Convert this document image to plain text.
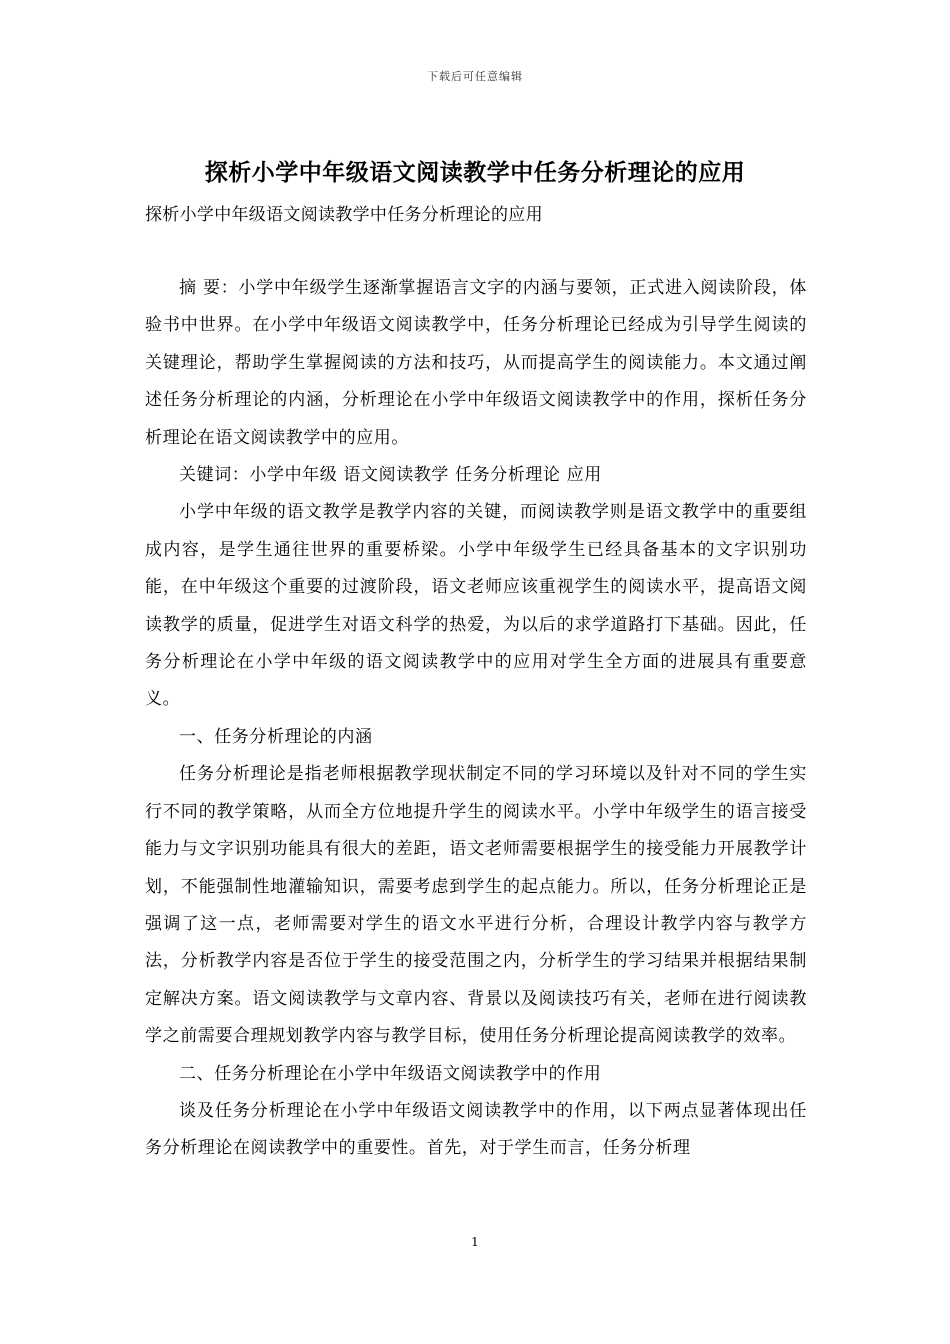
下载后可任意编辑
探析小学中年级语文阅读教学中任务分析理论的应用
探析小学中年级语文阅读教学中任务分析理论的应用

摘 要：小学中年级学生逐渐掌握语言文字的内涵与要领，正式进入阅读阶段，体验书中世界。在小学中年级语文阅读教学中，任务分析理论已经成为引导学生阅读的关键理论，帮助学生掌握阅读的方法和技巧，从而提高学生的阅读能力。本文通过阐述任务分析理论的内涵，分析理论在小学中年级语文阅读教学中的作用，探析任务分析理论在语文阅读教学中的应用。

关键词：小学中年级 语文阅读教学 任务分析理论 应用

小学中年级的语文教学是教学内容的关键，而阅读教学则是语文教学中的重要组成内容，是学生通往世界的重要桥梁。小学中年级学生已经具备基本的文字识别功能，在中年级这个重要的过渡阶段，语文老师应该重视学生的阅读水平，提高语文阅读教学的质量，促进学生对语文科学的热爱，为以后的求学道路打下基础。因此，任务分析理论在小学中年级的语文阅读教学中的应用对学生全方面的进展具有重要意义。

一、任务分析理论的内涵

任务分析理论是指老师根据教学现状制定不同的学习环境以及针对不同的学生实行不同的教学策略，从而全方位地提升学生的阅读水平。小学中年级学生的语言接受能力与文字识别功能具有很大的差距，语文老师需要根据学生的接受能力开展教学计划，不能强制性地灌输知识，需要考虑到学生的起点能力。所以，任务分析理论正是强调了这一点，老师需要对学生的语文水平进行分析，合理设计教学内容与教学方法，分析教学内容是否位于学生的接受范围之内，分析学生的学习结果并根据结果制定解决方案。语文阅读教学与文章内容、背景以及阅读技巧有关，老师在进行阅读教学之前需要合理规划教学内容与教学目标，使用任务分析理论提高阅读教学的效率。

二、任务分析理论在小学中年级语文阅读教学中的作用

谈及任务分析理论在小学中年级语文阅读教学中的作用，以下两点显著体现出任务分析理论在阅读教学中的重要性。首先，对于学生而言，任务分析理

1
